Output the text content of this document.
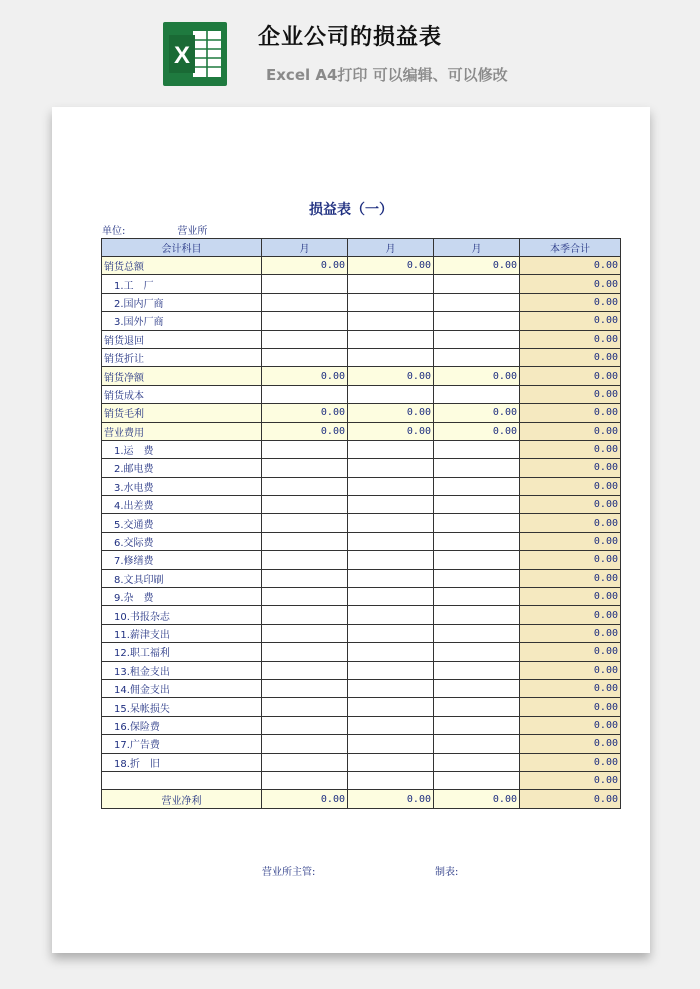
X
企业公司的损益表
Excel A4打印 可以编辑、可以修改
损益表（一）
单位:	营业所
会计科目	月	月	月	本季合计
销货总额	0.00	0.00	0.00	0.00
1.工　厂				0.00
2.国内厂商				0.00
3.国外厂商				0.00
销货退回				0.00
销货折让				0.00
销货净额	0.00	0.00	0.00	0.00
销货成本				0.00
销货毛利	0.00	0.00	0.00	0.00
营业费用	0.00	0.00	0.00	0.00
1.运　费				0.00
2.邮电费				0.00
3.水电费				0.00
4.出差费				0.00
5.交通费				0.00
6.交际费				0.00
7.修缮费				0.00
8.文具印刷				0.00
9.杂　费				0.00
10.书报杂志				0.00
11.薪津支出				0.00
12.职工福利				0.00
13.租金支出				0.00
14.佣金支出				0.00
15.呆帐损失				0.00
16.保险费				0.00
17.广告费				0.00
18.折　旧				0.00
				0.00
营业净利	0.00	0.00	0.00	0.00
营业所主管:	制表:
